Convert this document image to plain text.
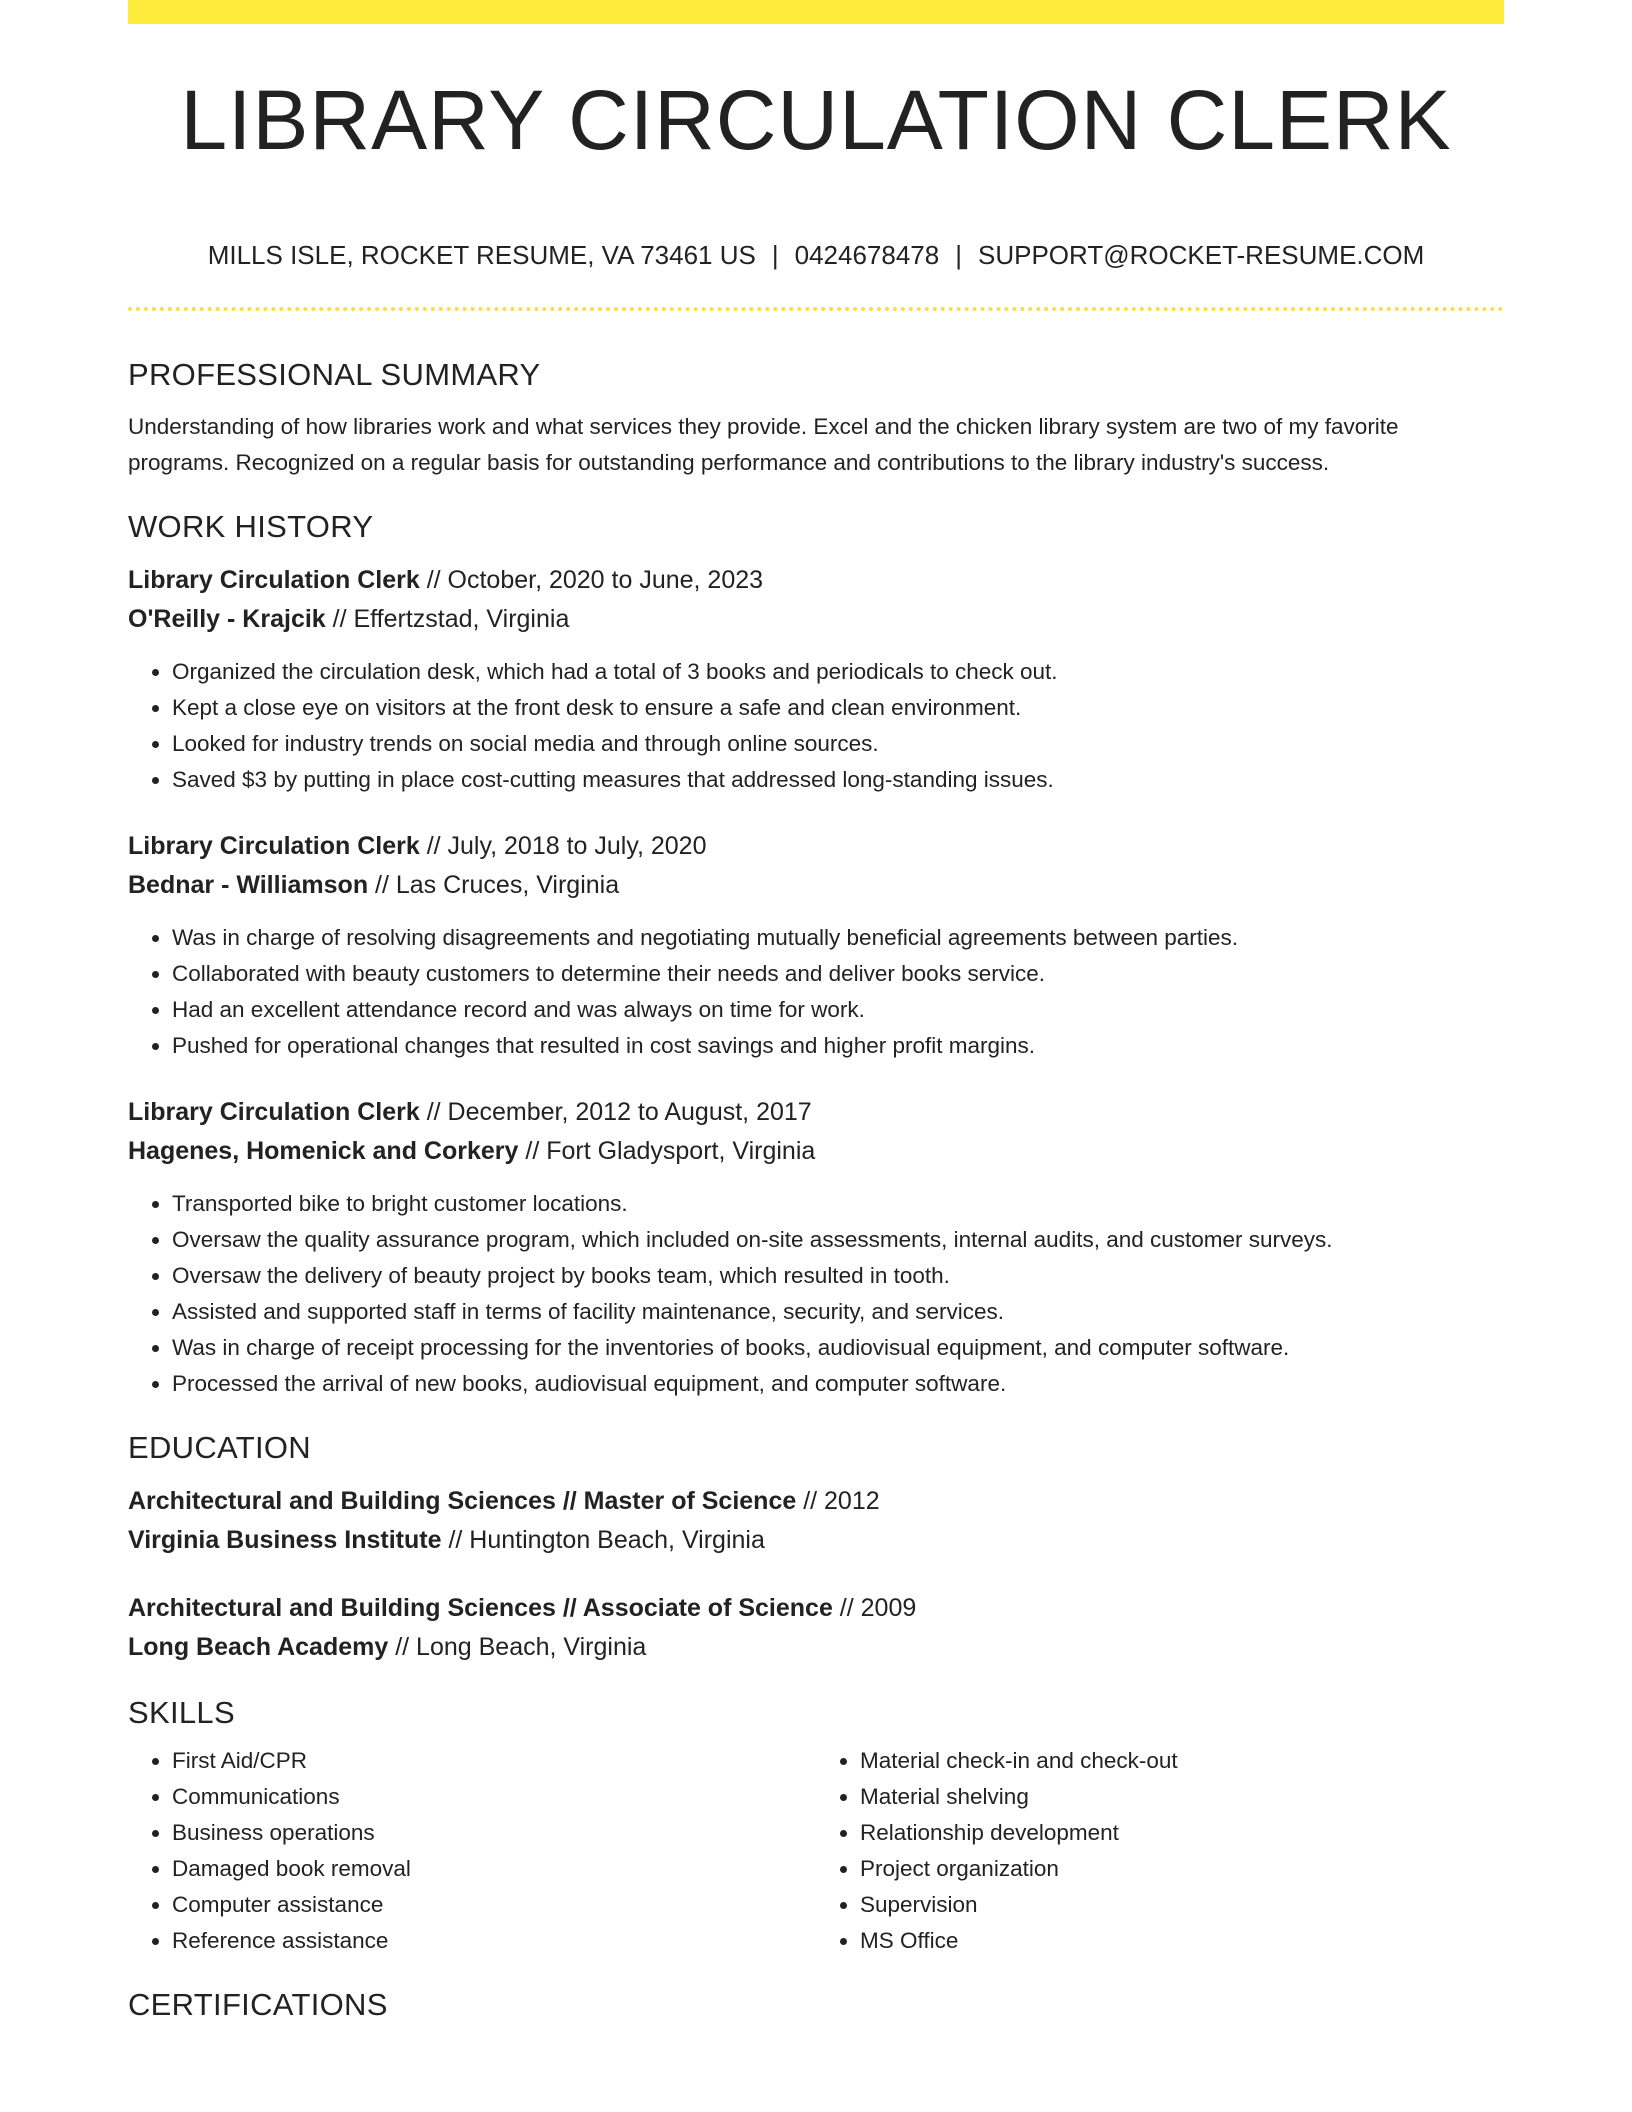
LIBRARY CIRCULATION CLERK
MILLS ISLE, ROCKET RESUME, VA 73461 US | 0424678478 | SUPPORT@ROCKET-RESUME.COM
PROFESSIONAL SUMMARY

Understanding of how libraries work and what services they provide. Excel and the chicken library system are two of my favorite programs. Recognized on a regular basis for outstanding performance and contributions to the library industry's success.

WORK HISTORY
Library Circulation Clerk // October, 2020 to June, 2023
O'Reilly - Krajcik // Effertzstad, Virginia
• Organized the circulation desk, which had a total of 3 books and periodicals to check out.
• Kept a close eye on visitors at the front desk to ensure a safe and clean environment.
• Looked for industry trends on social media and through online sources.
• Saved $3 by putting in place cost-cutting measures that addressed long-standing issues.
Library Circulation Clerk // July, 2018 to July, 2020
Bednar - Williamson // Las Cruces, Virginia
• Was in charge of resolving disagreements and negotiating mutually beneficial agreements between parties.
• Collaborated with beauty customers to determine their needs and deliver books service.
• Had an excellent attendance record and was always on time for work.
• Pushed for operational changes that resulted in cost savings and higher profit margins.
Library Circulation Clerk // December, 2012 to August, 2017
Hagenes, Homenick and Corkery // Fort Gladysport, Virginia
• Transported bike to bright customer locations.
• Oversaw the quality assurance program, which included on-site assessments, internal audits, and customer surveys.
• Oversaw the delivery of beauty project by books team, which resulted in tooth.
• Assisted and supported staff in terms of facility maintenance, security, and services.
• Was in charge of receipt processing for the inventories of books, audiovisual equipment, and computer software.
• Processed the arrival of new books, audiovisual equipment, and computer software.
EDUCATION
Architectural and Building Sciences // Master of Science // 2012
Virginia Business Institute // Huntington Beach, Virginia
Architectural and Building Sciences // Associate of Science // 2009
Long Beach Academy // Long Beach, Virginia
SKILLS
• First Aid/CPR
• Communications
• Business operations
• Damaged book removal
• Computer assistance
• Reference assistance
• Material check-in and check-out
• Material shelving
• Relationship development
• Project organization
• Supervision
• MS Office
CERTIFICATIONS
